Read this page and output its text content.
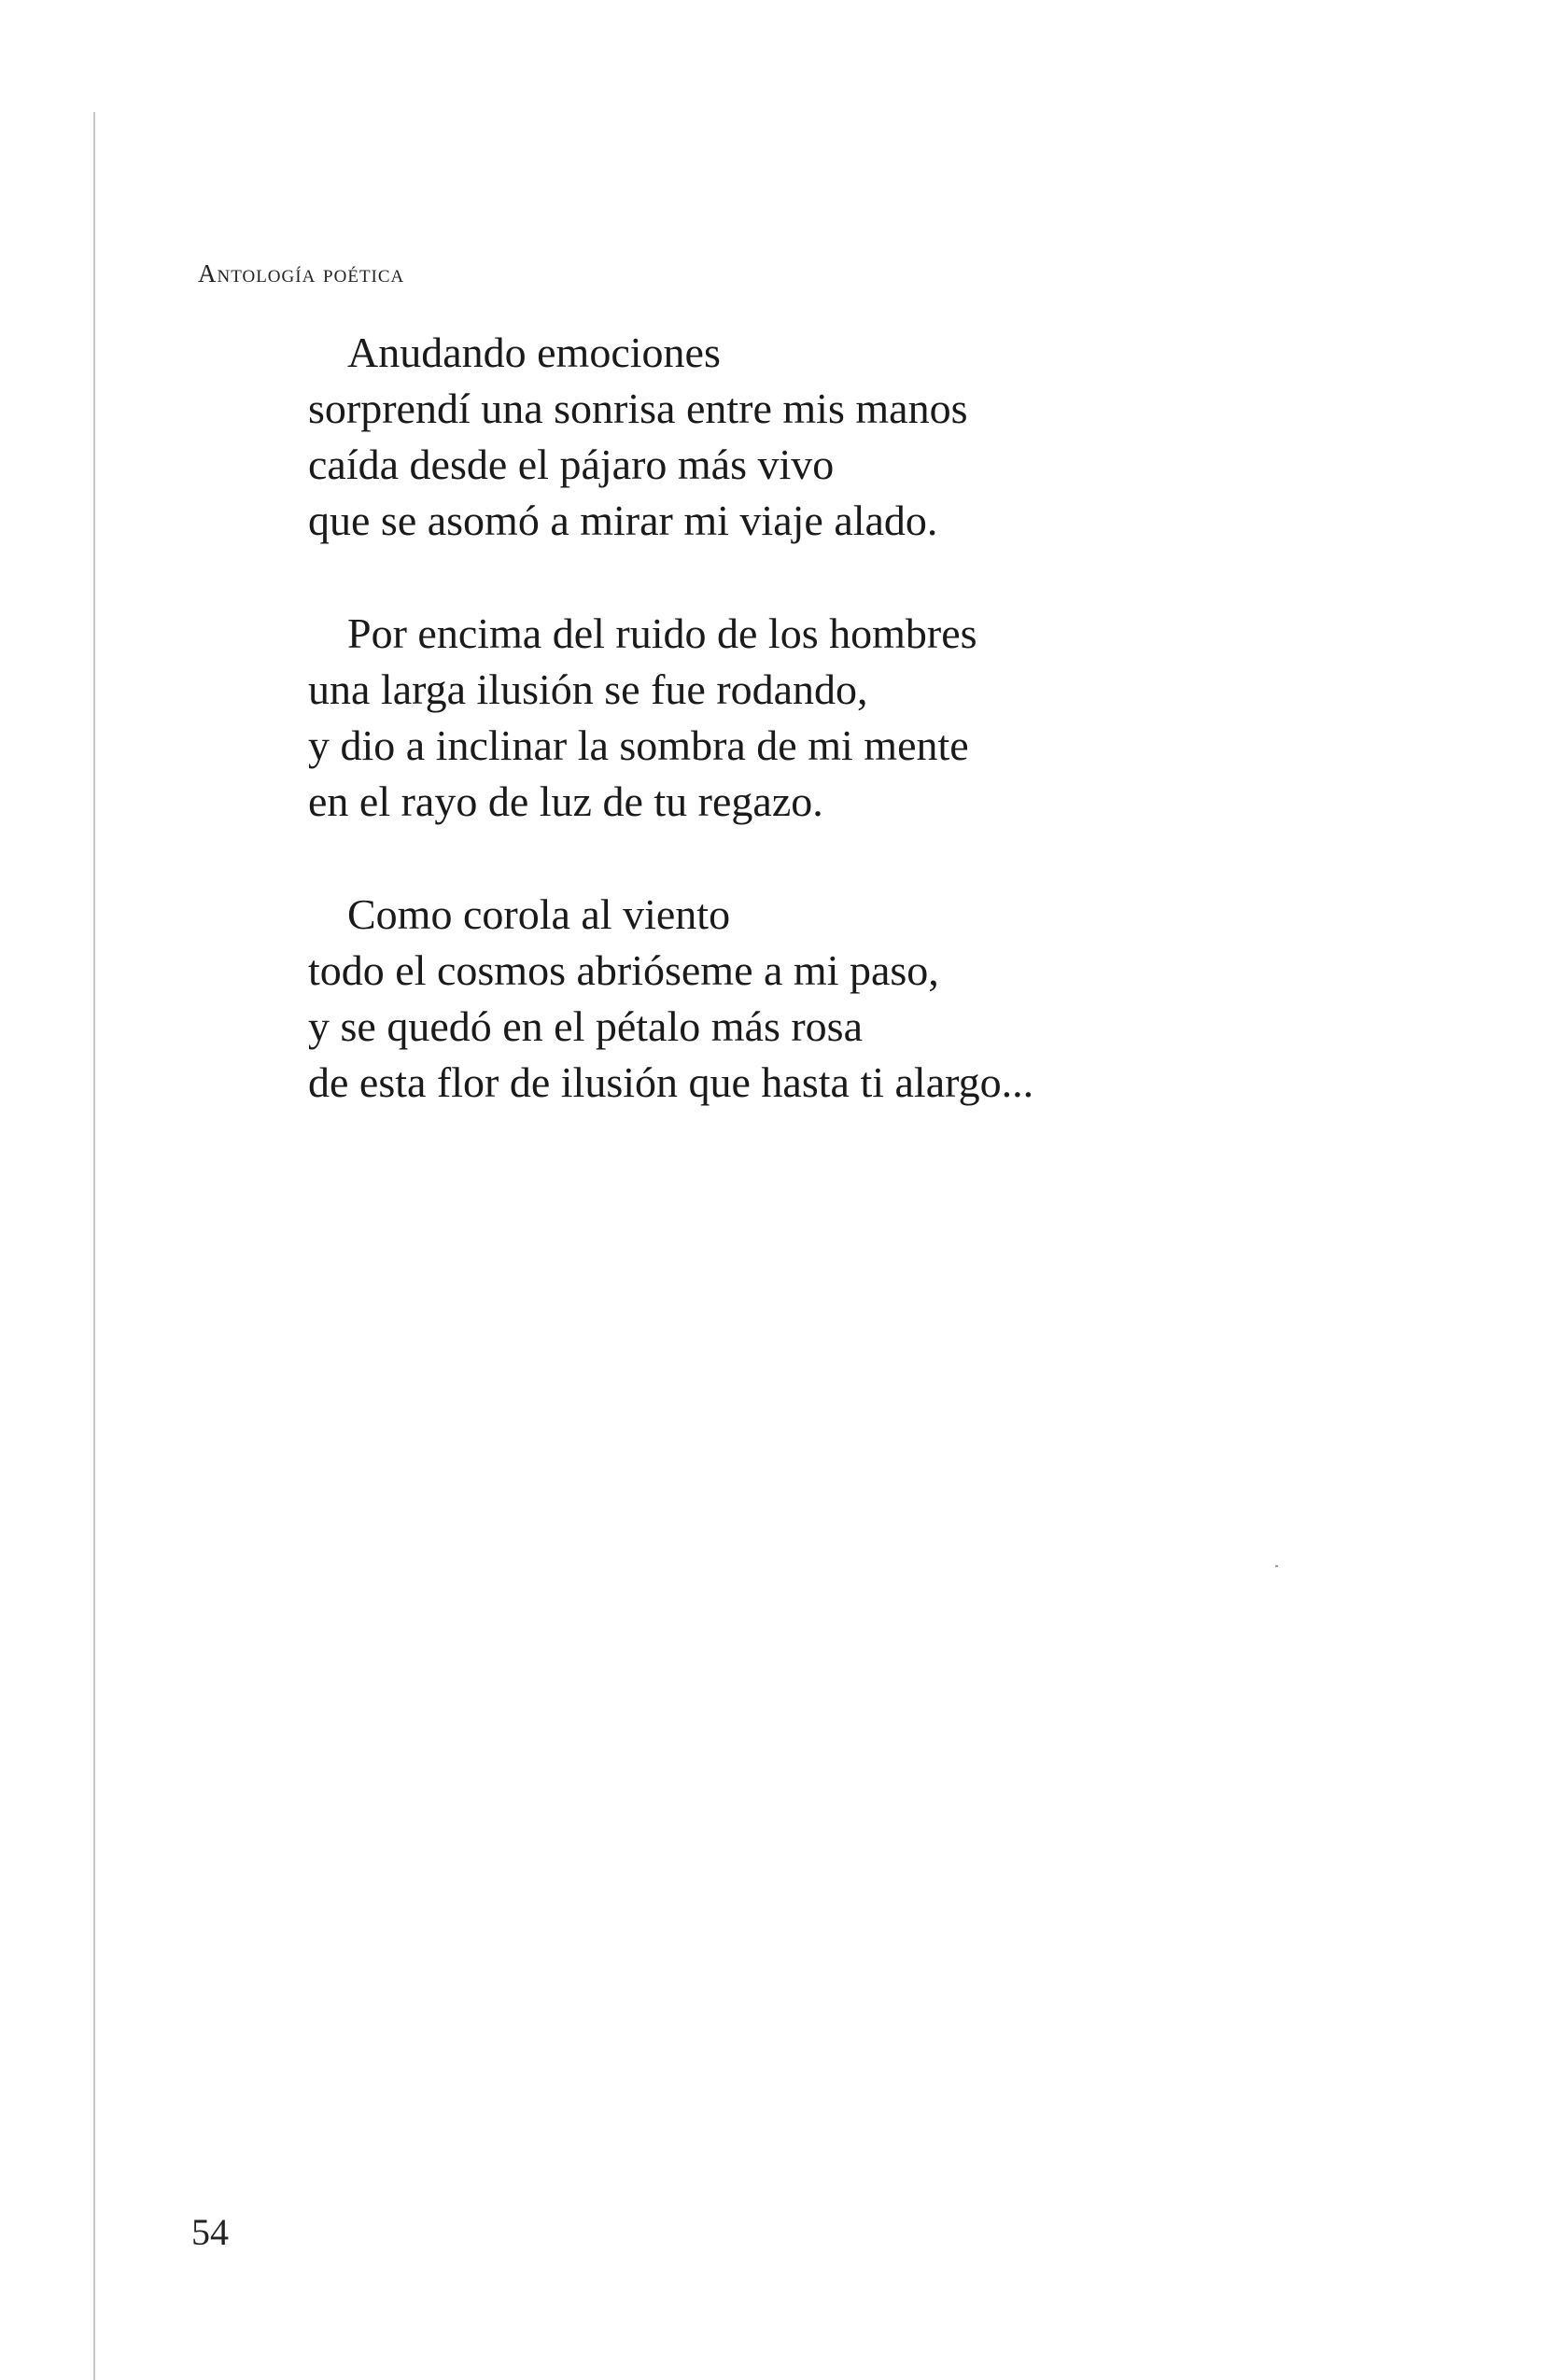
Antología poética
Anudando emociones
sorprendí una sonrisa entre mis manos
caída desde el pájaro más vivo
que se asomó a mirar mi viaje alado.
Por encima del ruido de los hombres
una larga ilusión se fue rodando,
y dio a inclinar la sombra de mi mente
en el rayo de luz de tu regazo.
Como corola al viento
todo el cosmos abrióseme a mi paso,
y se quedó en el pétalo más rosa
de esta flor de ilusión que hasta ti alargo...
54
